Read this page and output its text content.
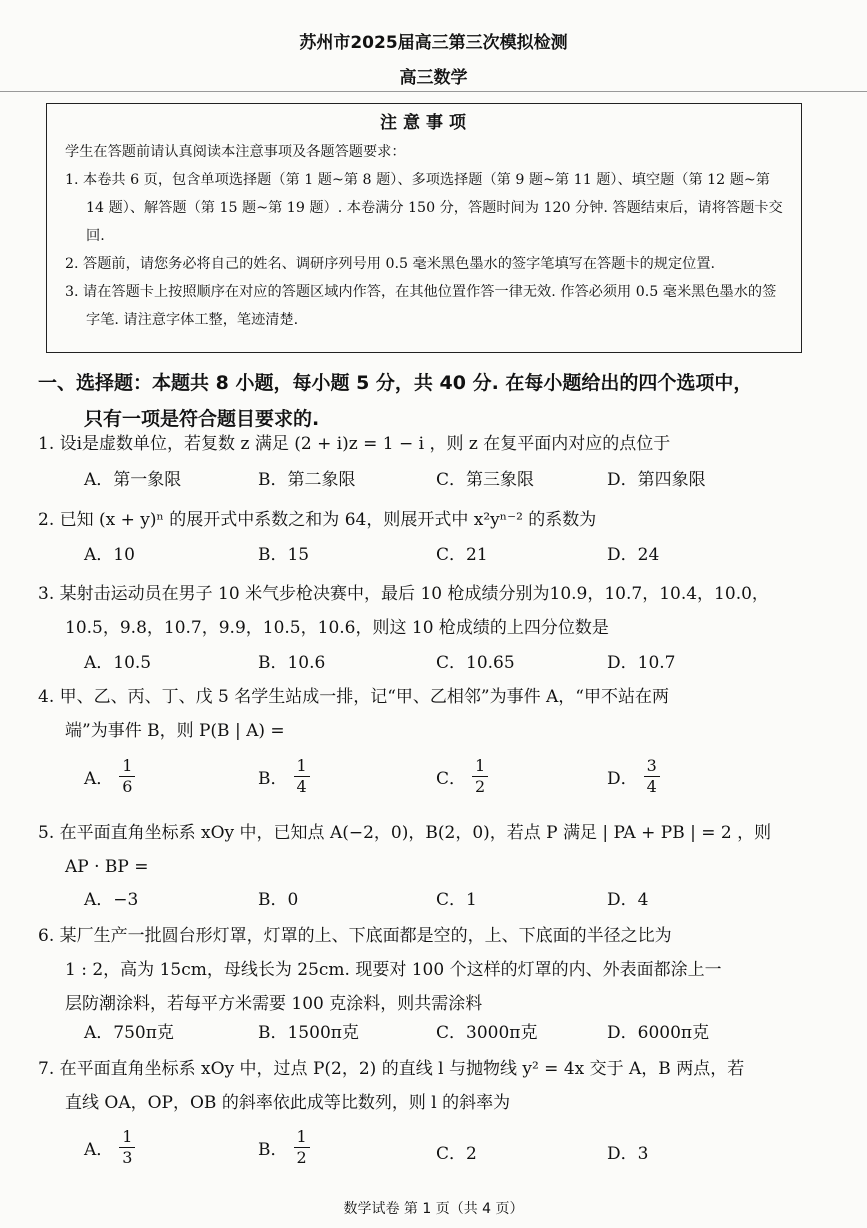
苏州市2025届高三第三次模拟检测
高三数学
注意事项
学生在答题前请认真阅读本注意事项及各题答题要求：
1. 本卷共 6 页，包含单项选择题（第 1 题~第 8 题）、多项选择题（第 9 题~第 11 题）、填空题（第 12 题~第 14 题）、解答题（第 15 题~第 19 题）. 本卷满分 150 分，答题时间为 120 分钟. 答题结束后，请将答题卡交回.
2. 答题前，请您务必将自己的姓名、调研序列号用 0.5 毫米黑色墨水的签字笔填写在答题卡的规定位置.
3. 请在答题卡上按照顺序在对应的答题区域内作答，在其他位置作答一律无效. 作答必须用 0.5 毫米黑色墨水的签字笔. 请注意字体工整，笔迹清楚.
一、选择题：本题共 8 小题，每小题 5 分，共 40 分. 在每小题给出的四个选项中，
只有一项是符合题目要求的.
1. 设i是虚数单位，若复数 z 满足 (2 + i)z = 1 − i ，则 z 在复平面内对应的点位于
A．第一象限	B．第二象限	C．第三象限	D．第四象限
2. 已知 (x + y)ⁿ 的展开式中系数之和为 64，则展开式中 x²yⁿ⁻² 的系数为
A．10	B．15	C．21	D．24
3. 某射击运动员在男子 10 米气步枪决赛中，最后 10 枪成绩分别为10.9，10.7，10.4，10.0，
10.5，9.8，10.7，9.9，10.5，10.6，则这 10 枪成绩的上四分位数是
A．10.5	B．10.6	C．10.65	D．10.7
4. 甲、乙、丙、丁、戊 5 名学生站成一排，记“甲、乙相邻”为事件 A，“甲不站在两
端”为事件 B，则 P(B | A) =
A． $\frac{1}{6}$	B． $\frac{1}{4}$	C． $\frac{1}{2}$	D． $\frac{3}{4}$
5. 在平面直角坐标系 xOy 中，已知点 A(−2，0)，B(2，0)，若点 P 满足 | PA + PB | = 2 ，则
AP · BP =
A．−3	B．0	C．1	D．4
6. 某厂生产一批圆台形灯罩，灯罩的上、下底面都是空的，上、下底面的半径之比为
1 : 2，高为 15cm，母线长为 25cm. 现要对 100 个这样的灯罩的内、外表面都涂上一
层防潮涂料，若每平方米需要 100 克涂料，则共需涂料
A．750π克	B．1500π克	C．3000π克	D．6000π克
7. 在平面直角坐标系 xOy 中，过点 P(2，2) 的直线 l 与抛物线 y² = 4x 交于 A，B 两点，若
直线 OA，OP，OB 的斜率依此成等比数列，则 l 的斜率为
A． $\frac{1}{3}$	B． $\frac{1}{2}$	C．2	D．3
数学试卷 第 1 页（共 4 页）
